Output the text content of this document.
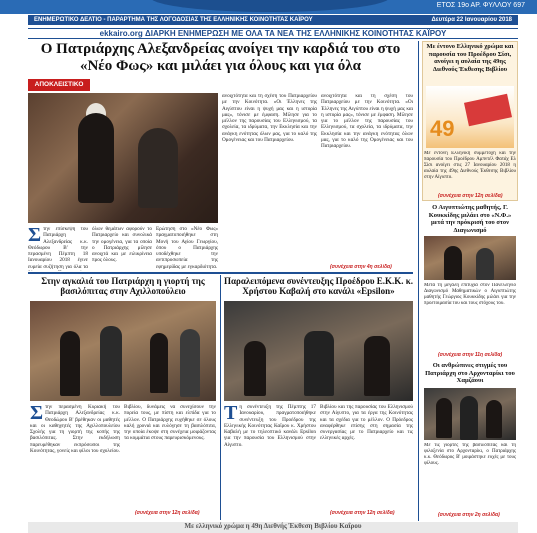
ΕΤΟΣ 19ο ΑΡ. ΦΥΛΛΟΥ 697
ΕΝΗΜΕΡΩΤΙΚΟ ΔΕΛΤΙΟ - ΠΑΡΑΡΤΗΜΑ ΤΗΣ ΛΟΓΟΔΟΣΙΑΣ ΤΗΣ ΕΛΛΗΝΙΚΗΣ ΚΟΙΝΟΤΗΤΑΣ ΚΑΪΡΟΥ	Δευτέρα 22 Ιανουαρίου 2018
ekkairo.org ΔΙΑΡΚΗ ΕΝΗΜΕΡΩΣΗ ΜΕ ΟΛΑ ΤΑ ΝΕΑ ΤΗΣ ΕΛΛΗΝΙΚΗΣ ΚΟΙΝΟΤΗΤΑΣ ΚΑΪΡΟΥ
Ο Πατριάρχης Αλεξανδρείας ανοίγει την καρδιά του στο «Νέο Φως» και μιλάει για όλους και για όλα
ΑΠΟΚΛΕΙΣΤΙΚΟ
Στην επίσκεψη του Πατριάρχη Αλεξανδρείας κ.κ. Θεόδωρου Β' την περασμένη Πέμπτη 18 Ιανουαρίου 2018 έγινε ευρεία συζήτηση για όλα τα
όλων θεμάτων αφορούν το Πατριαρχείο και συνολικά την ομογένεια, για τα οποία ο Πατριάρχης μίλησε ανοιχτά και με ειλικρίνεια προς όλους.
Ερώτηση στο «Νέο Φως» πραγματοποιήθηκε στη Μονή του Αγίου Γεωργίου, όπου ο Πατριάρχης υποδέχθηκε την αντιπροσωπεία της εφημερίδας με εγκαρδιότητα.
ανοιχτότητα και τη σχέση του Πατριαρχείου με την Κοινότητα. «Οι Έλληνες της Αιγύπτου είναι η ψυχή μας και η ιστορία μας», τόνισε με έμφαση. Μίλησε για το μέλλον της παρουσίας του Ελληνισμού, τα σχολεία, τα ιδρύματα, την Εκκλησία και την ανάγκη ενότητας όλων μας, για το καλό της Ομογένειας και του Πατριαρχείου.
ανοιχτότητα και τη σχέση του Πατριαρχείου με την Κοινότητα. «Οι Έλληνες της Αιγύπτου είναι η ψυχή μας και η ιστορία μας», τόνισε με έμφαση. Μίλησε για το μέλλον της παρουσίας του Ελληνισμού, τα σχολεία, τα ιδρύματα, την Εκκλησία και την ανάγκη ενότητας όλων μας, για το καλό της Ομογένειας και του Πατριαρχείου.
(συνέχεια στην 4η σελίδα)
Στην αγκαλιά του Πατριάρχη η γιορτή της βασιλόπιτας στην Αχιλλοπούλειο
Στην περασμένη Κυριακή του Πατριάρχη Αλεξανδρείας κ.κ. Θεοδώρου Β' βρέθηκαν οι μαθητές και οι καθηγητές της Αχιλλοπουλείου Σχολής για τη γιορτή της κοπής της βασιλόπιτας. Στην εκδήλωση παρευρέθηκαν εκπρόσωποι της Κοινότητας, γονείς και φίλοι του σχολείου.
Βιβλίου, δυνάμεις να συνεχίσουν την πορεία τους, με πίστη και ελπίδα για το μέλλον. Ο Πατριάρχης ευχήθηκε σε όλους καλή χρονιά και ευλόγησε τη βασιλόπιτα, την οποία έκοψε στη συνέχεια μοιράζοντας τα κομμάτια στους παρευρισκόμενους.
(συνέχεια στην 12η σελίδα)
Παραλειπόμενα συνέντευξης Προέδρου Ε.Κ.Κ. κ. Χρήστου Καβαλή στο κανάλι «Epsilon»
Τη συνέντευξη της Πέμπτης 17 Ιανουαρίου, πραγματοποιήθηκε συνέντευξη του Προέδρου της Ελληνικής Κοινότητας Καΐρου κ. Χρήστου Καβαλή με το τηλεοπτικό κανάλι Epsilon για την παρουσία του Ελληνισμού στην Αίγυπτο.
Βιβλίου και της παρουσίας του Ελληνισμού στην Αίγυπτο, για τα έργα της Κοινότητας και τα σχέδια για το μέλλον. Ο Πρόεδρος αναφέρθηκε επίσης στη σημασία της συνεργασίας με το Πατριαρχείο και τις ελληνικές αρχές.
(συνέχεια στην 12η σελίδα)
Με έντονο Ελληνικό χρώμα και παρουσία του Προέδρου Σίσι, ανοίγει η αυλαία της 49ης Διεθνούς Έκθεσης Βιβλίου
49
Με έντονη Ελληνική συμμετοχή και την παρουσία του Προέδρου Αμπντέλ Φατάχ Ελ Σίσι ανοίγει στις 27 Ιανουαρίου 2018 η αυλαία της 49ης Διεθνούς Έκθεσης Βιβλίου στην Αίγυπτο.
(συνέχεια στην 12η σελίδα)
Ο Αιγυπτιώτης μαθητής, Γ. Κουκκίδης μιλάει στο «Ν.Φ.» μετά την πρόκρισή του στον Διαγωνισμό
Μετά τη μεγάλη επιτυχία στον Πανελλήνιο Διαγωνισμό Μαθηματικών ο Αιγυπτιώτης μαθητής Γεώργιος Κουκκίδης μιλάει για την προετοιμασία του και τους στόχους του.
(συνέχεια στην 11η σελίδα)
Οι ανθρώπινες στιγμές του Πατριάρχη στο Αρχονταρίκι του Χαμζάουι
Με τις γιορτές της βασιλόπιτας και τη φιλοξενία στο Αρχονταρίκι, ο Πατριάρχης κ.κ. Θεόδωρος Β' μοιράστηκε ευχές με τους φίλους.
(συνέχεια στην 2η σελίδα)
Με ελληνικό χρώμα η 49η Διεθνής Έκθεση Βιβλίου Καΐρου
